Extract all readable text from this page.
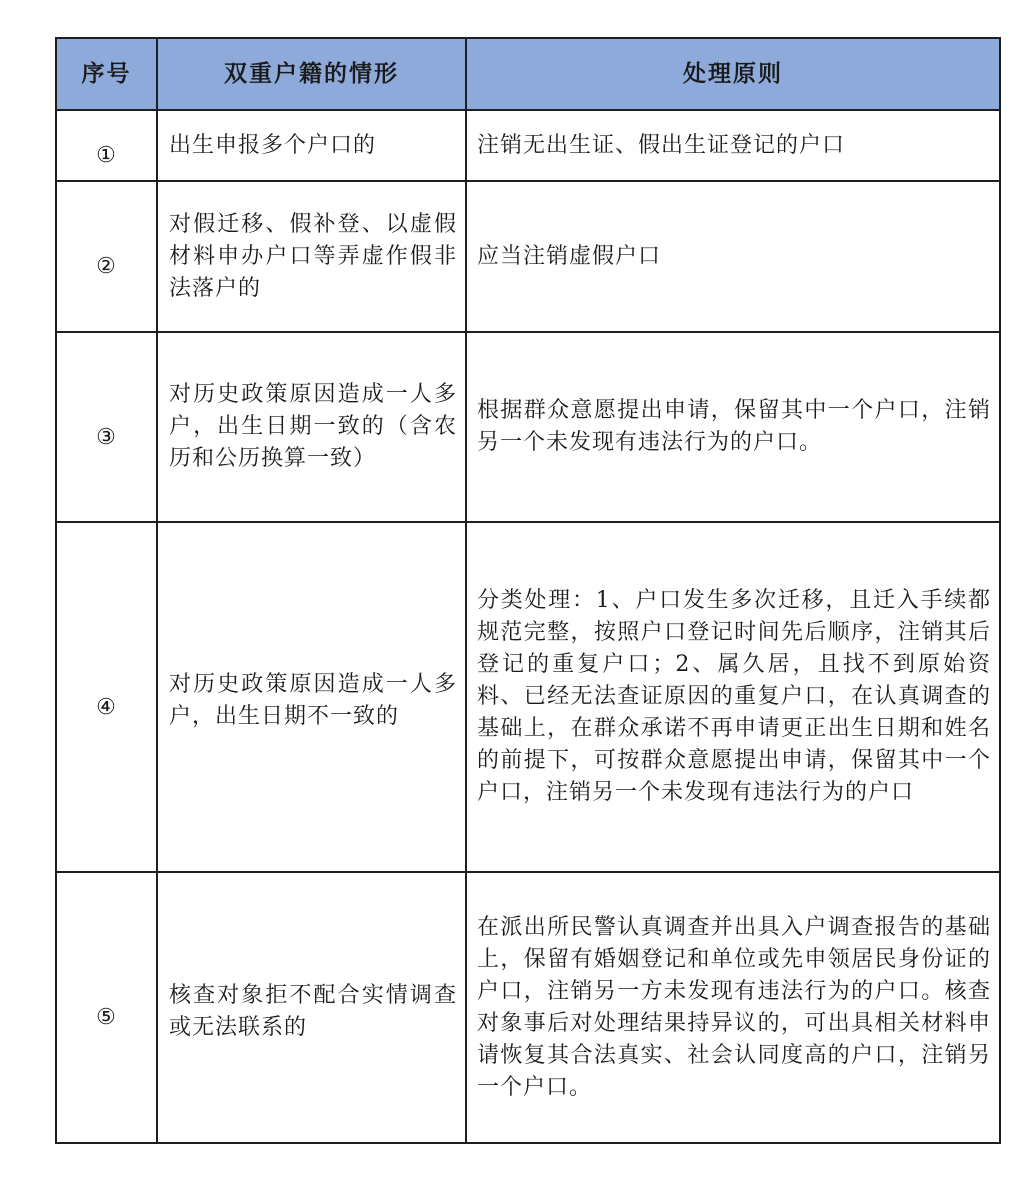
序号	双重户籍的情形	处理原则
①	出生申报多个户口的	注销无出生证、假出生证登记的户口
②	对假迁移、假补登、以虚假材料申办户口等弄虚作假非法落户的	应当注销虚假户口
③	对历史政策原因造成一人多户，出生日期一致的（含农历和公历换算一致）	根据群众意愿提出申请，保留其中一个户口，注销另一个未发现有违法行为的户口。
④	对历史政策原因造成一人多户，出生日期不一致的	分类处理：1、户口发生多次迁移，且迁入手续都规范完整，按照户口登记时间先后顺序，注销其后登记的重复户口；2、属久居，且找不到原始资料、已经无法查证原因的重复户口，在认真调查的基础上，在群众承诺不再申请更正出生日期和姓名的前提下，可按群众意愿提出申请，保留其中一个户口，注销另一个未发现有违法行为的户口
⑤	核查对象拒不配合实情调查或无法联系的	在派出所民警认真调查并出具入户调查报告的基础上，保留有婚姻登记和单位或先申领居民身份证的户口，注销另一方未发现有违法行为的户口。核查对象事后对处理结果持异议的，可出具相关材料申请恢复其合法真实、社会认同度高的户口，注销另一个户口。
